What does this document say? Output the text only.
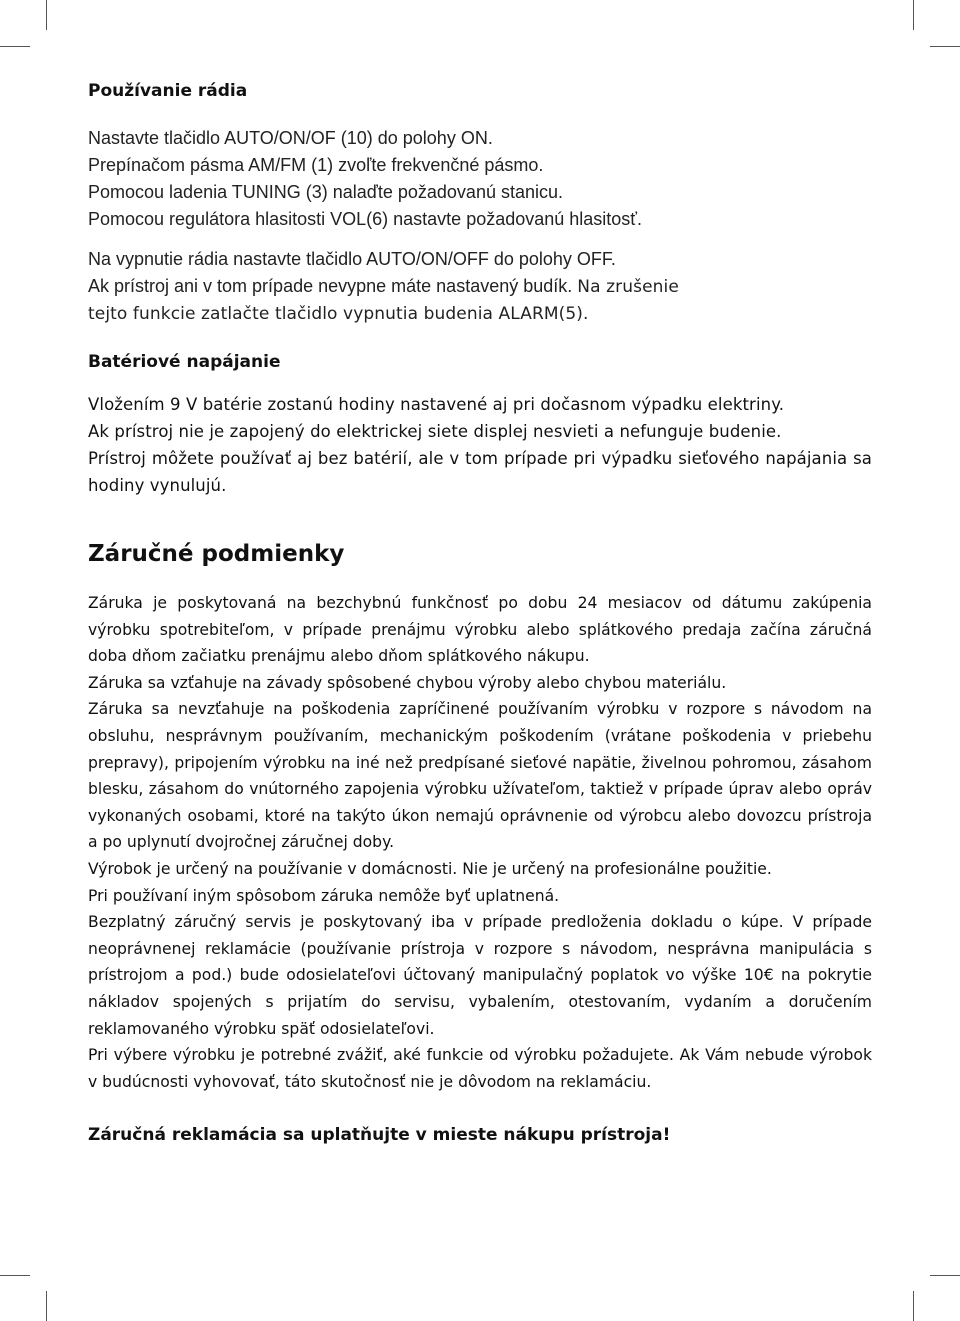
Používanie rádia
Nastavte tlačidlo AUTO/ON/OF (10) do polohy ON.
Prepínačom pásma AM/FM (1) zvoľte frekvenčné pásmo.
Pomocou ladenia TUNING (3) nalaďte požadovanú stanicu.
Pomocou regulátora hlasitosti VOL(6) nastavte požadovanú hlasitosť.
Na vypnutie rádia nastavte tlačidlo AUTO/ON/OFF do polohy OFF.
Ak prístroj ani v tom prípade nevypne máte nastavený budík. Na zrušenie
tejto funkcie zatlačte tlačidlo vypnutia budenia ALARM(5).
Batériové napájanie

Vložením 9 V batérie zostanú hodiny nastavené aj pri dočasnom výpadku elektriny.

Ak prístroj nie je zapojený do elektrickej siete displej nesvieti a nefunguje budenie.

Prístroj môžete používať aj bez batérií, ale v tom prípade pri výpadku sieťového napájania sa hodiny vynulujú.

Záručné podmienky

Záruka je poskytovaná na bezchybnú funkčnosť po dobu 24 mesiacov od dátumu zakúpenia výrobku spotrebiteľom, v prípade prenájmu výrobku alebo splátkového predaja začína záručná doba dňom začiatku prenájmu alebo dňom splátkového nákupu.

Záruka sa vzťahuje na závady spôsobené chybou výroby alebo chybou materiálu.

Záruka sa nevzťahuje na poškodenia zapríčinené používaním výrobku v rozpore s návodom na obsluhu, nesprávnym používaním, mechanickým poškodením (vrátane poškodenia v priebehu prepravy), pripojením výrobku na iné než predpísané sieťové napätie, živelnou pohromou, zásahom blesku, zásahom do vnútorného zapojenia výrobku užívateľom, taktiež v prípade úprav alebo opráv vykonaných osobami, ktoré na takýto úkon nemajú oprávnenie od výrobcu alebo dovozcu prístroja a po uplynutí dvojročnej záručnej doby.

Výrobok je určený na používanie v domácnosti. Nie je určený na profesionálne použitie.

Pri používaní iným spôsobom záruka nemôže byť uplatnená.

Bezplatný záručný servis je poskytovaný iba v prípade predloženia dokladu o kúpe. V prípade neoprávnenej reklamácie (používanie prístroja v rozpore s návodom, nesprávna manipulácia s prístrojom a pod.) bude odosielateľovi účtovaný manipulačný poplatok vo výške 10€ na pokrytie nákladov spojených s prijatím do servisu, vybalením, otestovaním, vydaním a doručením reklamovaného výrobku späť odosielateľovi.

Pri výbere výrobku je potrebné zvážiť, aké funkcie od výrobku požadujete. Ak Vám nebude výrobok v budúcnosti vyhovovať, táto skutočnosť nie je dôvodom na reklamáciu.

Záručná reklamácia sa uplatňujte v mieste nákupu prístroja!
